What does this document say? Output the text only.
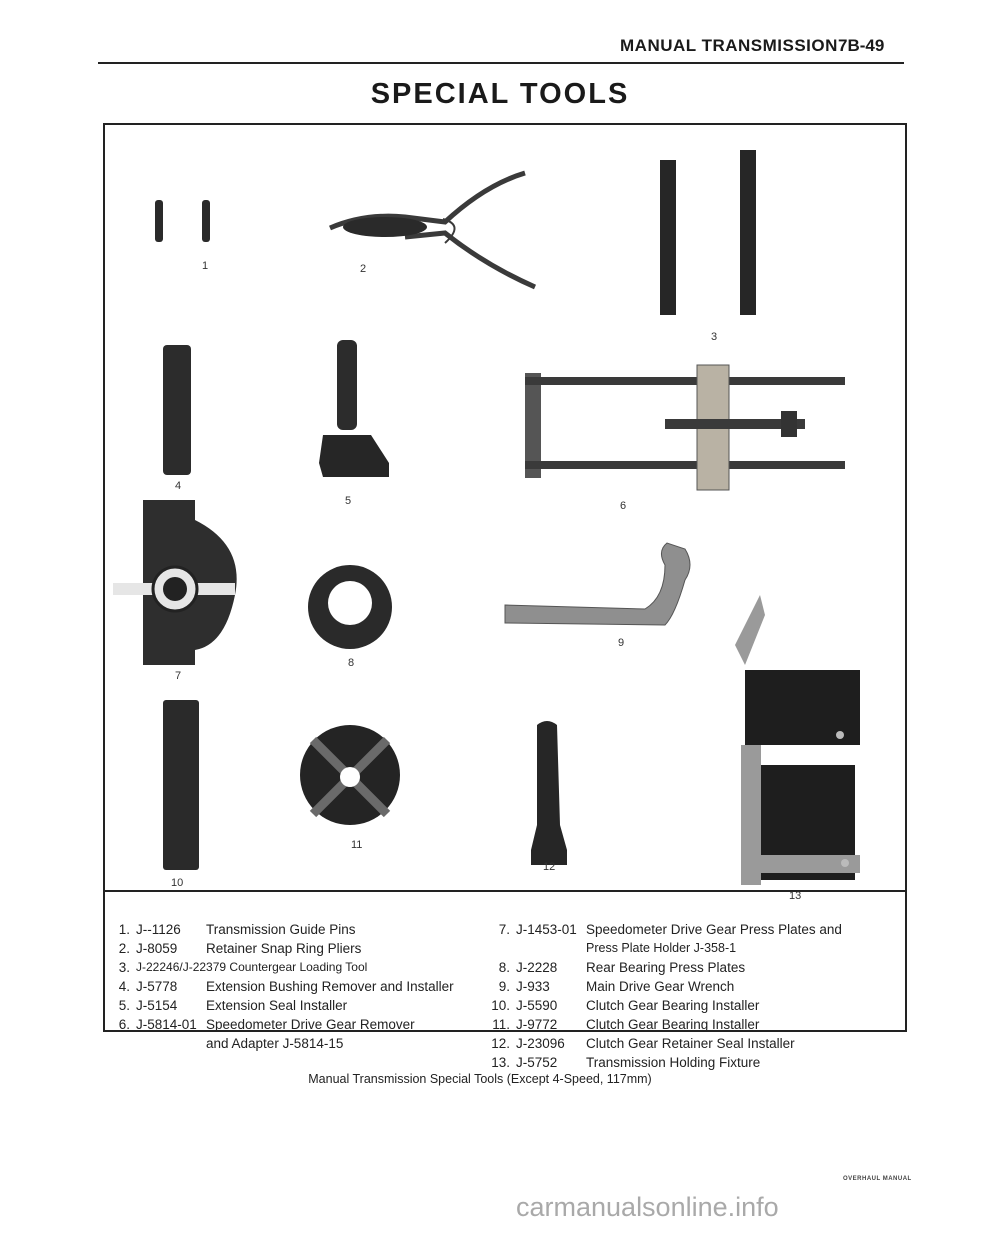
MANUAL TRANSMISSION 7B-49
SPECIAL TOOLS
1	2
3
4
5	6
7
8
9
10
11
12
13
1. J--1126	Transmission Guide Pins
2. J-8059	Retainer Snap Ring Pliers
3. J-22246/J-22379 Countergear Loading Tool
4. J-5778	Extension Bushing Remover and Installer
5. J-5154	Extension Seal Installer
6. J-5814-01 Speedometer Drive Gear Remover
and Adapter J-5814-15
7. J-1453-01 Speedometer Drive Gear Press Plates and
Press Plate Holder J-358-1
8. J-2228	Rear Bearing Press Plates
9. J-933	Main Drive Gear Wrench
10. J-5590	Clutch Gear Bearing Installer
11. J-9772	Clutch Gear Bearing Installer
12. J-23096	Clutch Gear Retainer Seal Installer
13. J-5752	Transmission Holding Fixture
Manual Transmission Special Tools (Except 4-Speed, 117mm)
OVERHAUL MANUAL
carmanualsonline.info
